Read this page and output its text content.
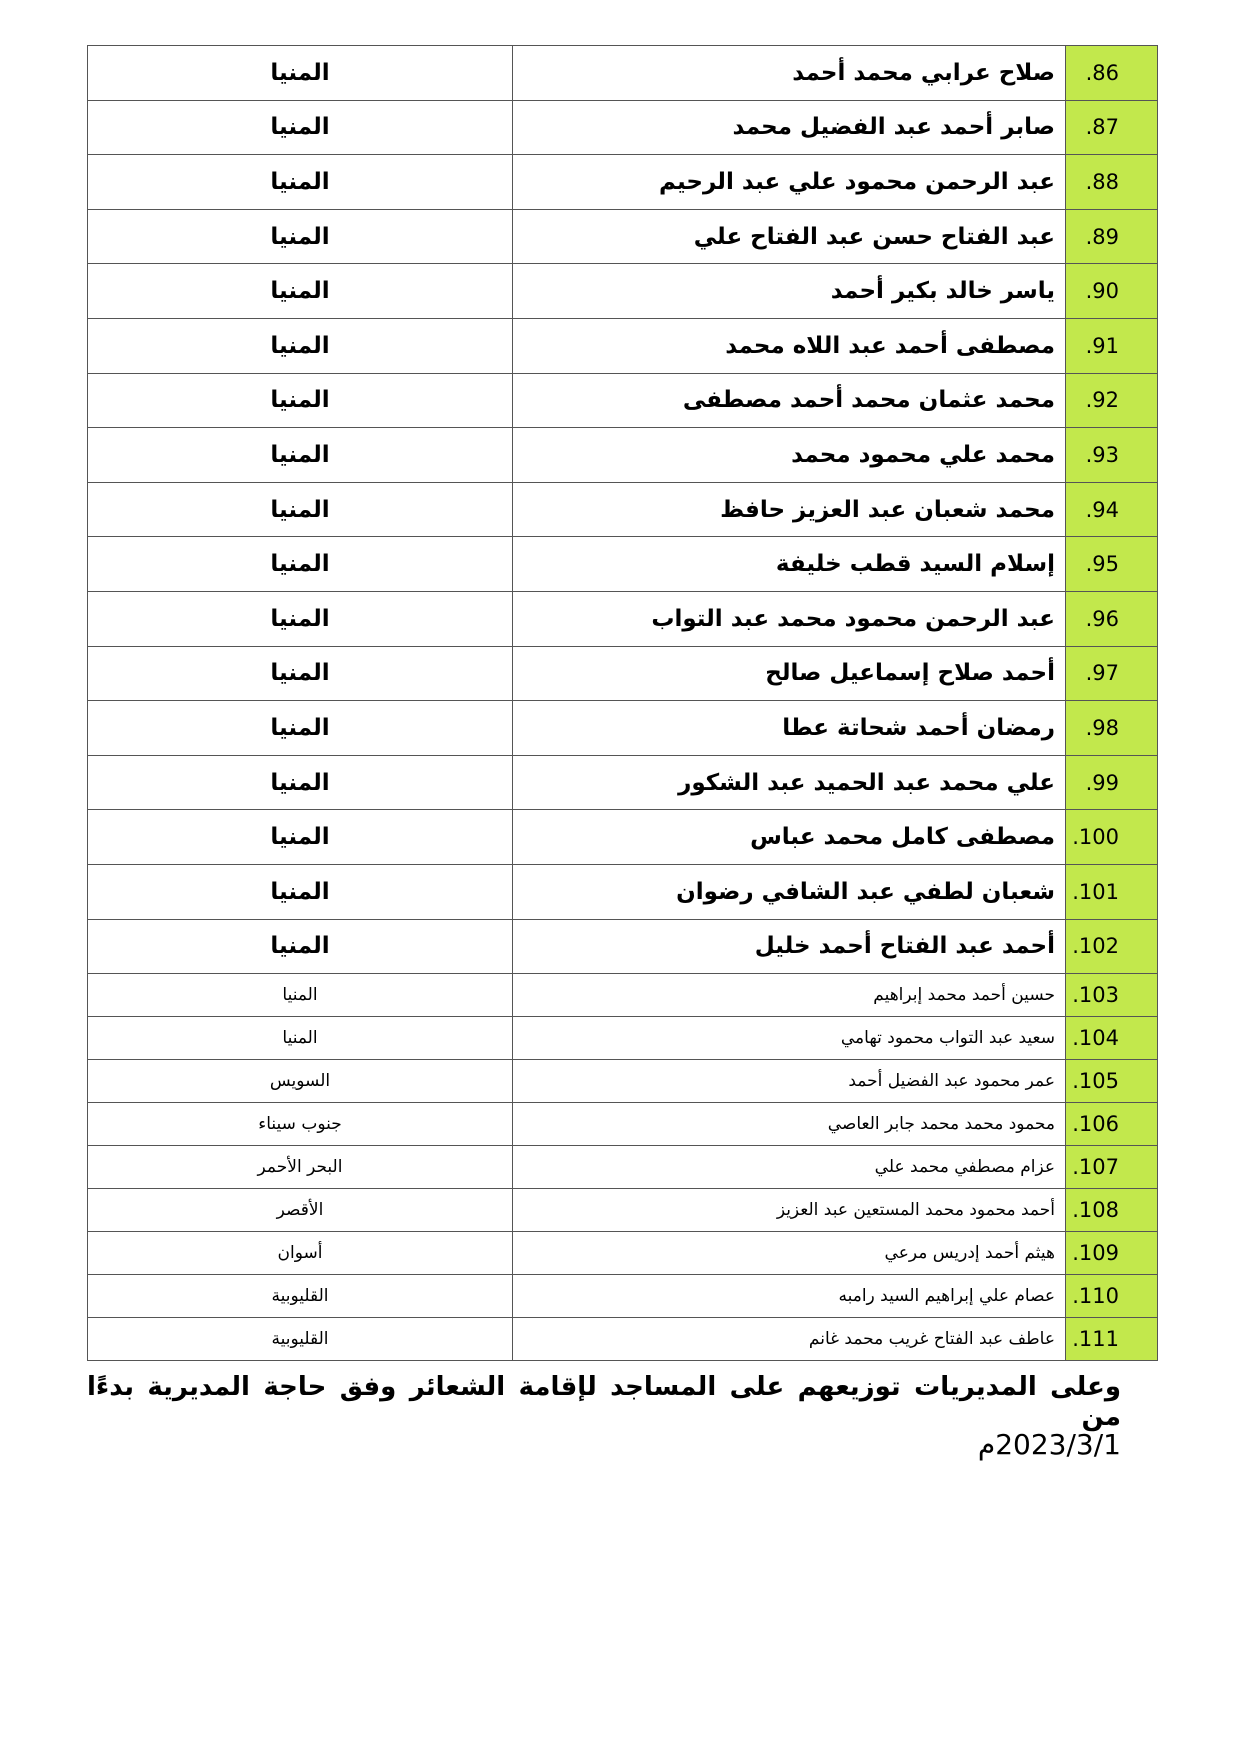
86.	صلاح عرابي محمد أحمد	المنيا
87.	صابر أحمد عبد الفضيل محمد	المنيا
88.	عبد الرحمن محمود علي عبد الرحيم	المنيا
89.	عبد الفتاح حسن عبد الفتاح علي	المنيا
90.	ياسر خالد بكير أحمد	المنيا
91.	مصطفى أحمد عبد اللاه محمد	المنيا
92.	محمد عثمان محمد أحمد مصطفى	المنيا
93.	محمد علي محمود محمد	المنيا
94.	محمد شعبان عبد العزيز حافظ	المنيا
95.	إسلام السيد قطب خليفة	المنيا
96.	عبد الرحمن محمود محمد عبد التواب	المنيا
97.	أحمد صلاح إسماعيل صالح	المنيا
98.	رمضان أحمد شحاتة عطا	المنيا
99.	علي محمد عبد الحميد عبد الشكور	المنيا
100.	مصطفى كامل محمد عباس	المنيا
101.	شعبان لطفي عبد الشافي رضوان	المنيا
102.	أحمد عبد الفتاح أحمد خليل	المنيا
103.	حسين أحمد محمد إبراهيم	المنيا
104.	سعيد عبد التواب محمود تهامي	المنيا
105.	عمر محمود عبد الفضيل أحمد	السويس
106.	محمود محمد محمد جابر العاصي	جنوب سيناء
107.	عزام مصطفي محمد علي	البحر الأحمر
108.	أحمد محمود محمد المستعين عبد العزيز	الأقصر
109.	هيثم أحمد إدريس مرعي	أسوان
110.	عصام علي إبراهيم السيد رامبه	القليوبية
111.	عاطف عبد الفتاح غريب محمد غانم	القليوبية
وعلى المديريات توزيعهم على المساجد لإقامة الشعائر وفق حاجة المديرية بدءًا من
2023/3/1م
